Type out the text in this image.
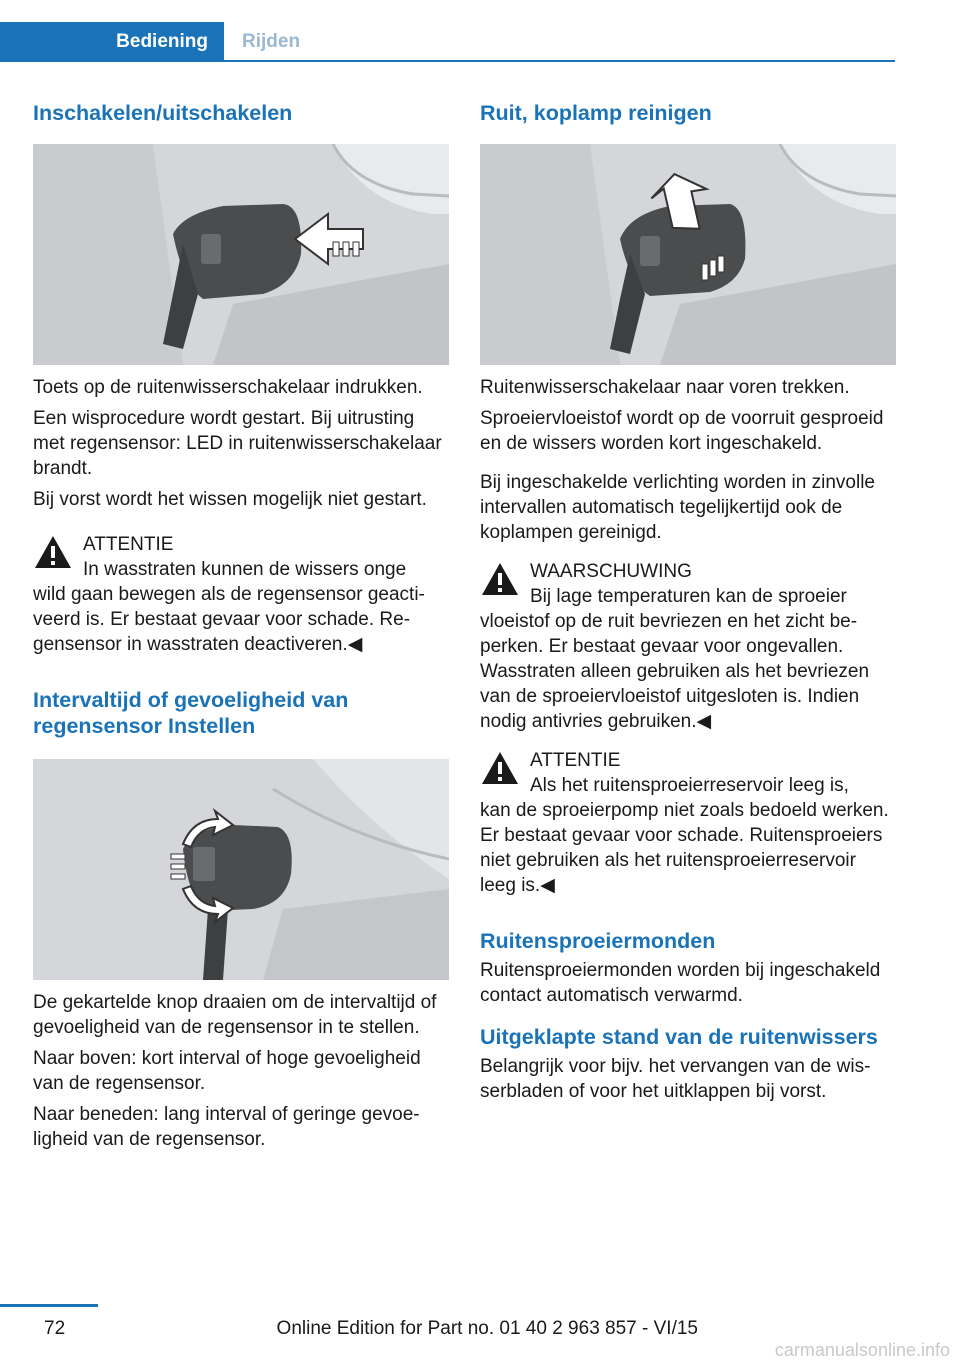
Bediening	Rijden
Inschakelen/uitschakelen

Toets op de ruitenwisserschakelaar indrukken.

Een wisprocedure wordt gestart. Bij uitrusting met regensensor: LED in ruitenwisserschakelaar brandt.

Bij vorst wordt het wissen mogelijk niet gestart.

ATTENTIE

In wasstraten kunnen de wissers onge

wild gaan bewegen als de regensensor geactiveerd is. Er bestaat gevaar voor schade. Regensensor in wasstraten deactiveren.◀

Intervaltijd of gevoeligheid van regensensor Instellen

De gekartelde knop draaien om de intervaltijd of gevoeligheid van de regensensor in te stellen.

Naar boven: kort interval of hoge gevoeligheid van de regensensor.

Naar beneden: lang interval of geringe gevoeligheid van de regensensor.

Ruit, koplamp reinigen

Ruitenwisserschakelaar naar voren trekken.

Sproeiervloeistof wordt op de voorruit gesproeid en de wissers worden kort ingeschakeld.

Bij ingeschakelde verlichting worden in zinvolle intervallen automatisch tegelijkertijd ook de koplampen gereinigd.

WAARSCHUWING

Bij lage temperaturen kan de sproeier

vloeistof op de ruit bevriezen en het zicht beperken. Er bestaat gevaar voor ongevallen. Wasstraten alleen gebruiken als het bevriezen van de sproeiervloeistof uitgesloten is. Indien nodig antivries gebruiken.◀

ATTENTIE

Als het ruitensproeierreservoir leeg is,

kan de sproeierpomp niet zoals bedoeld werken. Er bestaat gevaar voor schade. Ruitensproeiers niet gebruiken als het ruitensproeierreservoir leeg is.◀

Ruitensproeiermonden

Ruitensproeiermonden worden bij ingeschakeld contact automatisch verwarmd.

Uitgeklapte stand van de ruitenwissers

Belangrijk voor bijv. het vervangen van de wisserbladen of voor het uitklappen bij vorst.

72	Online Edition for Part no. 01 40 2 963 857 - VI/15
carmanualsonline.info
